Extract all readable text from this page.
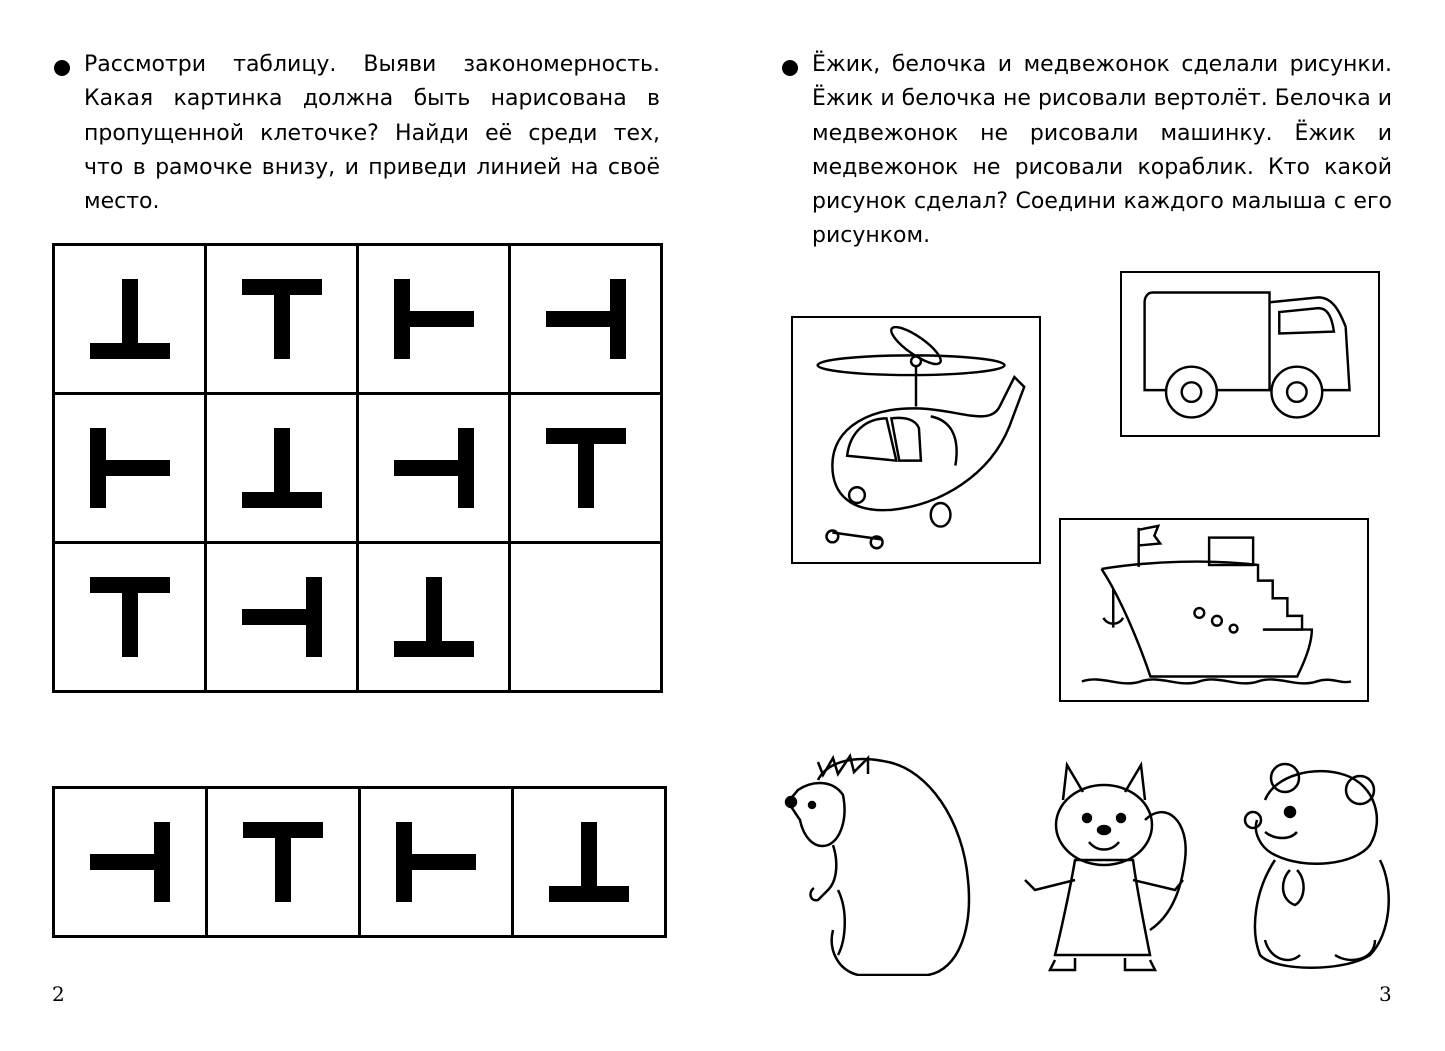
Рассмотри таблицу. Выяви закономерность. Какая картинка должна быть нарисована в пропущенной клеточке? Найди её среди тех, что в рамочке внизу, и приведи линией на своё место.
2
Ёжик, белочка и медвежонок сделали рисунки. Ёжик и белочка не рисовали вертолёт. Белочка и медвежонок не рисовали машинку. Ёжик и медвежонок не рисовали кораблик. Кто какой рисунок сделал? Соедини каждого малыша с его рисунком.
3
